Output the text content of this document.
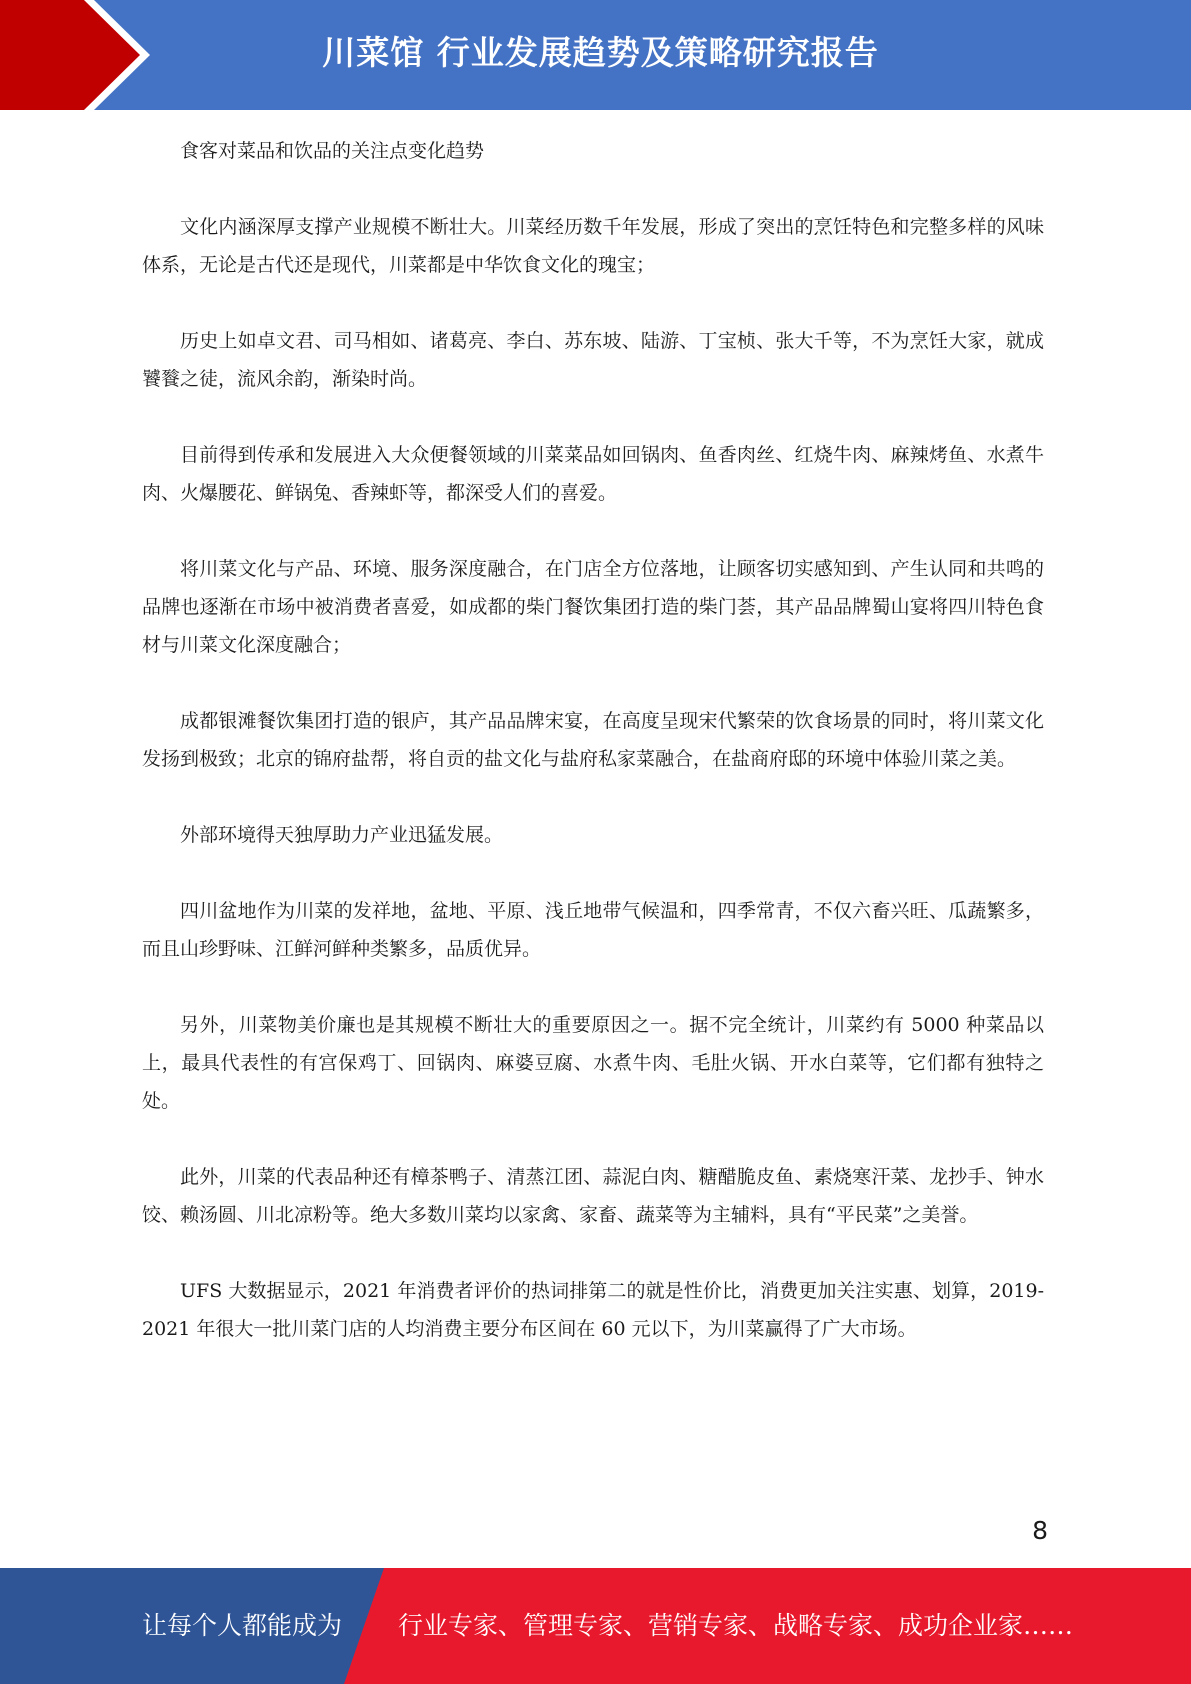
川菜馆 行业发展趋势及策略研究报告

食客对菜品和饮品的关注点变化趋势

文化内涵深厚支撑产业规模不断壮大。川菜经历数千年发展，形成了突出的烹饪特色和完整多样的风味体系，无论是古代还是现代，川菜都是中华饮食文化的瑰宝；

历史上如卓文君、司马相如、诸葛亮、李白、苏东坡、陆游、丁宝桢、张大千等，不为烹饪大家，就成饕餮之徒，流风余韵，渐染时尚。

目前得到传承和发展进入大众便餐领域的川菜菜品如回锅肉、鱼香肉丝、红烧牛肉、麻辣烤鱼、水煮牛肉、火爆腰花、鲜锅兔、香辣虾等，都深受人们的喜爱。

将川菜文化与产品、环境、服务深度融合，在门店全方位落地，让顾客切实感知到、产生认同和共鸣的品牌也逐渐在市场中被消费者喜爱，如成都的柴门餐饮集团打造的柴门荟，其产品品牌蜀山宴将四川特色食材与川菜文化深度融合；

成都银滩餐饮集团打造的银庐，其产品品牌宋宴，在高度呈现宋代繁荣的饮食场景的同时，将川菜文化发扬到极致；北京的锦府盐帮，将自贡的盐文化与盐府私家菜融合，在盐商府邸的环境中体验川菜之美。

外部环境得天独厚助力产业迅猛发展。

四川盆地作为川菜的发祥地，盆地、平原、浅丘地带气候温和，四季常青，不仅六畜兴旺、瓜蔬繁多，而且山珍野味、江鲜河鲜种类繁多，品质优异。

另外，川菜物美价廉也是其规模不断壮大的重要原因之一。据不完全统计，川菜约有 5000 种菜品以上，最具代表性的有宫保鸡丁、回锅肉、麻婆豆腐、水煮牛肉、毛肚火锅、开水白菜等，它们都有独特之处。

此外，川菜的代表品种还有樟茶鸭子、清蒸江团、蒜泥白肉、糖醋脆皮鱼、素烧寒汗菜、龙抄手、钟水饺、赖汤圆、川北凉粉等。绝大多数川菜均以家禽、家畜、蔬菜等为主辅料，具有“平民菜”之美誉。

UFS 大数据显示，2021 年消费者评价的热词排第二的就是性价比，消费更加关注实惠、划算，2019-2021 年很大一批川菜门店的人均消费主要分布区间在 60 元以下，为川菜赢得了广大市场。

8
让每个人都能成为 行业专家、管理专家、营销专家、战略专家、成功企业家……
